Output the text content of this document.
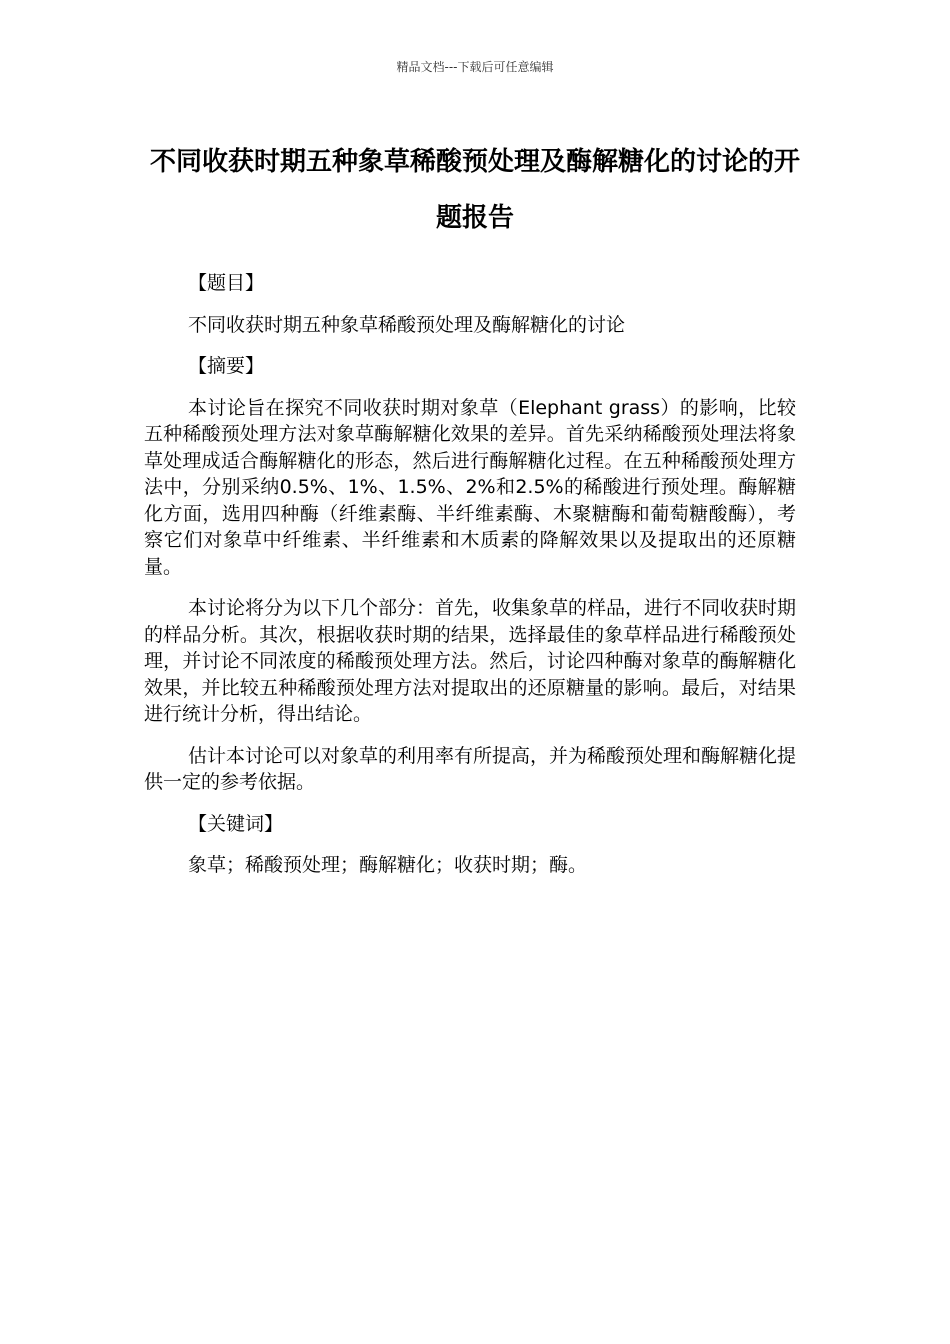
精品文档---下载后可任意编辑
不同收获时期五种象草稀酸预处理及酶解糖化的讨论的开题报告
【题目】
不同收获时期五种象草稀酸预处理及酶解糖化的讨论
【摘要】
本讨论旨在探究不同收获时期对象草（Elephant grass）的影响，比较五种稀酸预处理方法对象草酶解糖化效果的差异。首先采纳稀酸预处理法将象草处理成适合酶解糖化的形态，然后进行酶解糖化过程。在五种稀酸预处理方法中，分别采纳0.5%、1%、1.5%、2%和2.5%的稀酸进行预处理。酶解糖化方面，选用四种酶（纤维素酶、半纤维素酶、木聚糖酶和葡萄糖酸酶），考察它们对象草中纤维素、半纤维素和木质素的降解效果以及提取出的还原糖量。
本讨论将分为以下几个部分：首先，收集象草的样品，进行不同收获时期的样品分析。其次，根据收获时期的结果，选择最佳的象草样品进行稀酸预处理，并讨论不同浓度的稀酸预处理方法。然后，讨论四种酶对象草的酶解糖化效果，并比较五种稀酸预处理方法对提取出的还原糖量的影响。最后，对结果进行统计分析，得出结论。
估计本讨论可以对象草的利用率有所提高，并为稀酸预处理和酶解糖化提供一定的参考依据。
【关键词】
象草；稀酸预处理；酶解糖化；收获时期；酶。
